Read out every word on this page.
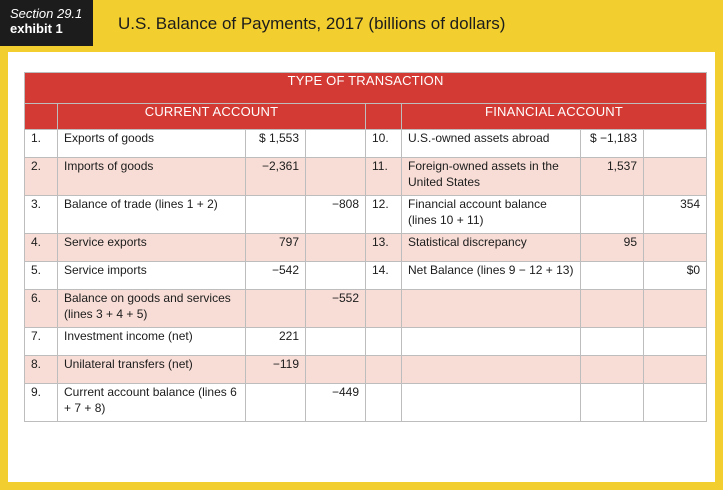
Section 29.1
exhibit 1	U.S. Balance of Payments, 2017 (billions of dollars)
TYPE OF TRANSACTION							
	CURRENT ACCOUNT				FINANCIAL ACCOUNT		
1.	Exports of goods	$ 1,553		10.	U.S.-owned assets abroad	$ −1,183	
2.	Imports of goods	−2,361		11.	Foreign-owned assets in the United States	1,537	
3.	Balance of trade (lines 1 + 2)		−808	12.	Financial account balance (lines 10 + 11)		354
4.	Service exports	797		13.	Statistical discrepancy	95	
5.	Service imports	−542		14.	Net Balance (lines 9 − 12 + 13)		$0
6.	Balance on goods and services (lines 3 + 4 + 5)		−552				
7.	Investment income (net)	221					
8.	Unilateral transfers (net)	−119					
9.	Current account balance (lines 6 + 7 + 8)		−449				
